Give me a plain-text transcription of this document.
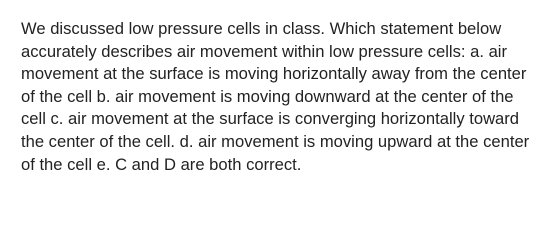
We discussed low pressure cells in class. Which statement below accurately describes air movement within low pressure cells: a. air movement at the surface is moving horizontally away from the center of the cell b. air movement is moving downward at the center of the cell c. air movement at the surface is converging horizontally toward the center of the cell. d. air movement is moving upward at the center of the cell e. C and D are both correct.
